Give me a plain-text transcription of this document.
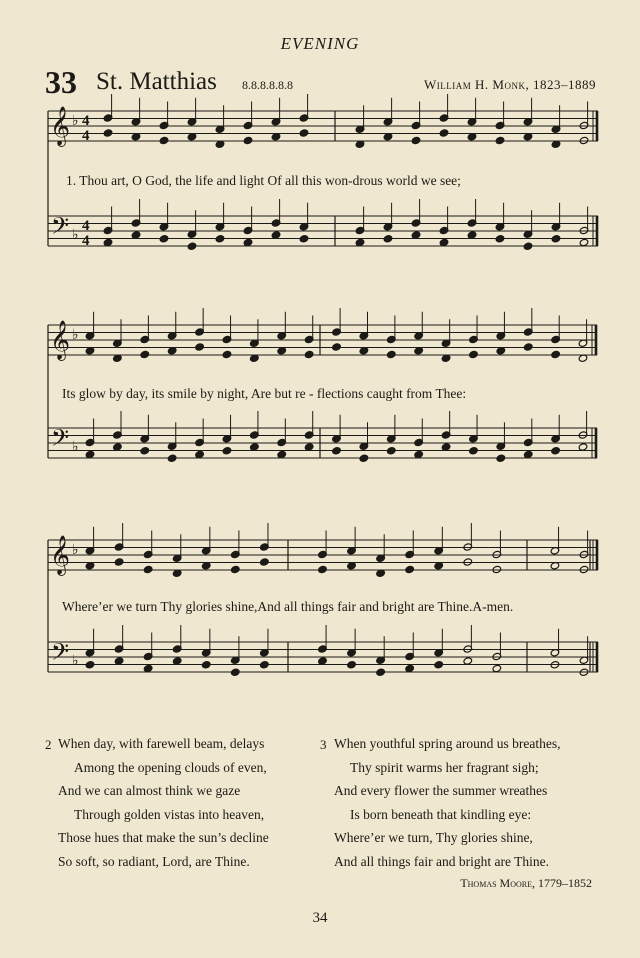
EVENING
33 St. Matthias 8.8.8.8.8.8	William H. Monk, 1823–1889
𝄞
𝄢
♭
♭
4
4
4
4
𝄞
𝄢
♭
♭
𝄞
𝄢
♭
♭
1. Thou art, O God, the life and light Of all this won-drous world we see;
Its glow by day, its smile by night, Are but re - flections caught from Thee:
Where’er we turn Thy glories shine,And all things fair and bright are Thine.A-men.
2 When day, with farewell beam, delays
Among the opening clouds of even,
And we can almost think we gaze
Through golden vistas into heaven,
Those hues that make the sun’s decline
So soft, so radiant, Lord, are Thine.
3 When youthful spring around us breathes,
Thy spirit warms her fragrant sigh;
And every flower the summer wreathes
Is born beneath that kindling eye:
Where’er we turn, Thy glories shine,
And all things fair and bright are Thine.
Thomas Moore, 1779–1852
34
